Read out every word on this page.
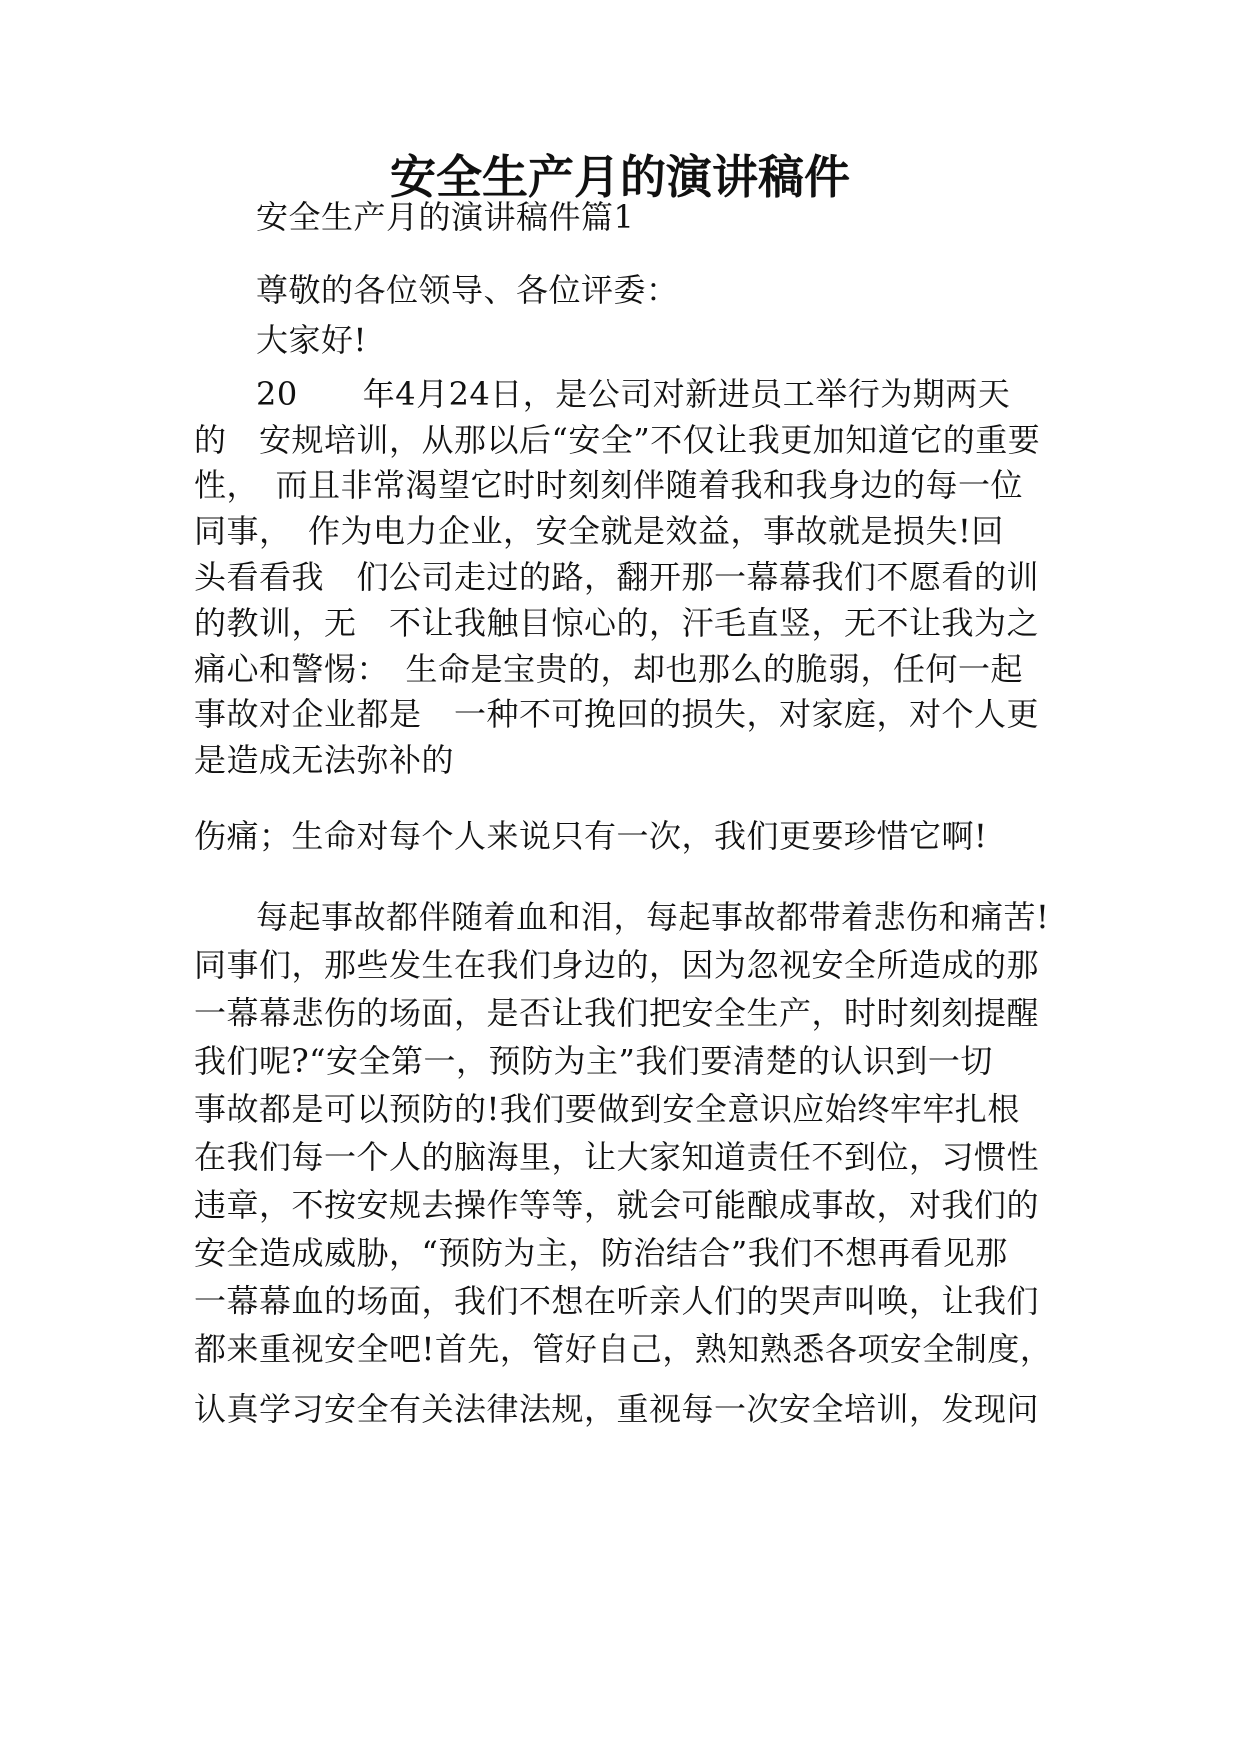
安全生产月的演讲稿件
安全生产月的演讲稿件篇1
尊敬的各位领导、各位评委：
大家好!
20　　年4月24日，是公司对新进员工举行为期两天
的　安规培训，从那以后“安全”不仅让我更加知道它的重要
性，　而且非常渴望它时时刻刻伴随着我和我身边的每一位
同事，　作为电力企业，安全就是效益，事故就是损失!回
头看看我　们公司走过的路，翻开那一幕幕我们不愿看的训
的教训，无　不让我触目惊心的，汗毛直竖，无不让我为之
痛心和警惕：　生命是宝贵的，却也那么的脆弱，任何一起
事故对企业都是　一种不可挽回的损失，对家庭，对个人更
是造成无法弥补的
伤痛；生命对每个人来说只有一次，我们更要珍惜它啊!
每起事故都伴随着血和泪，每起事故都带着悲伤和痛苦!
同事们，那些发生在我们身边的，因为忽视安全所造成的那
一幕幕悲伤的场面，是否让我们把安全生产，时时刻刻提醒
我们呢?“安全第一，预防为主”我们要清楚的认识到一切
事故都是可以预防的!我们要做到安全意识应始终牢牢扎根
在我们每一个人的脑海里，让大家知道责任不到位，习惯性
违章，不按安规去操作等等，就会可能酿成事故，对我们的
安全造成威胁，“预防为主，防治结合”我们不想再看见那
一幕幕血的场面，我们不想在听亲人们的哭声叫唤，让我们
都来重视安全吧!首先，管好自己，熟知熟悉各项安全制度，
认真学习安全有关法律法规，重视每一次安全培训，发现问
